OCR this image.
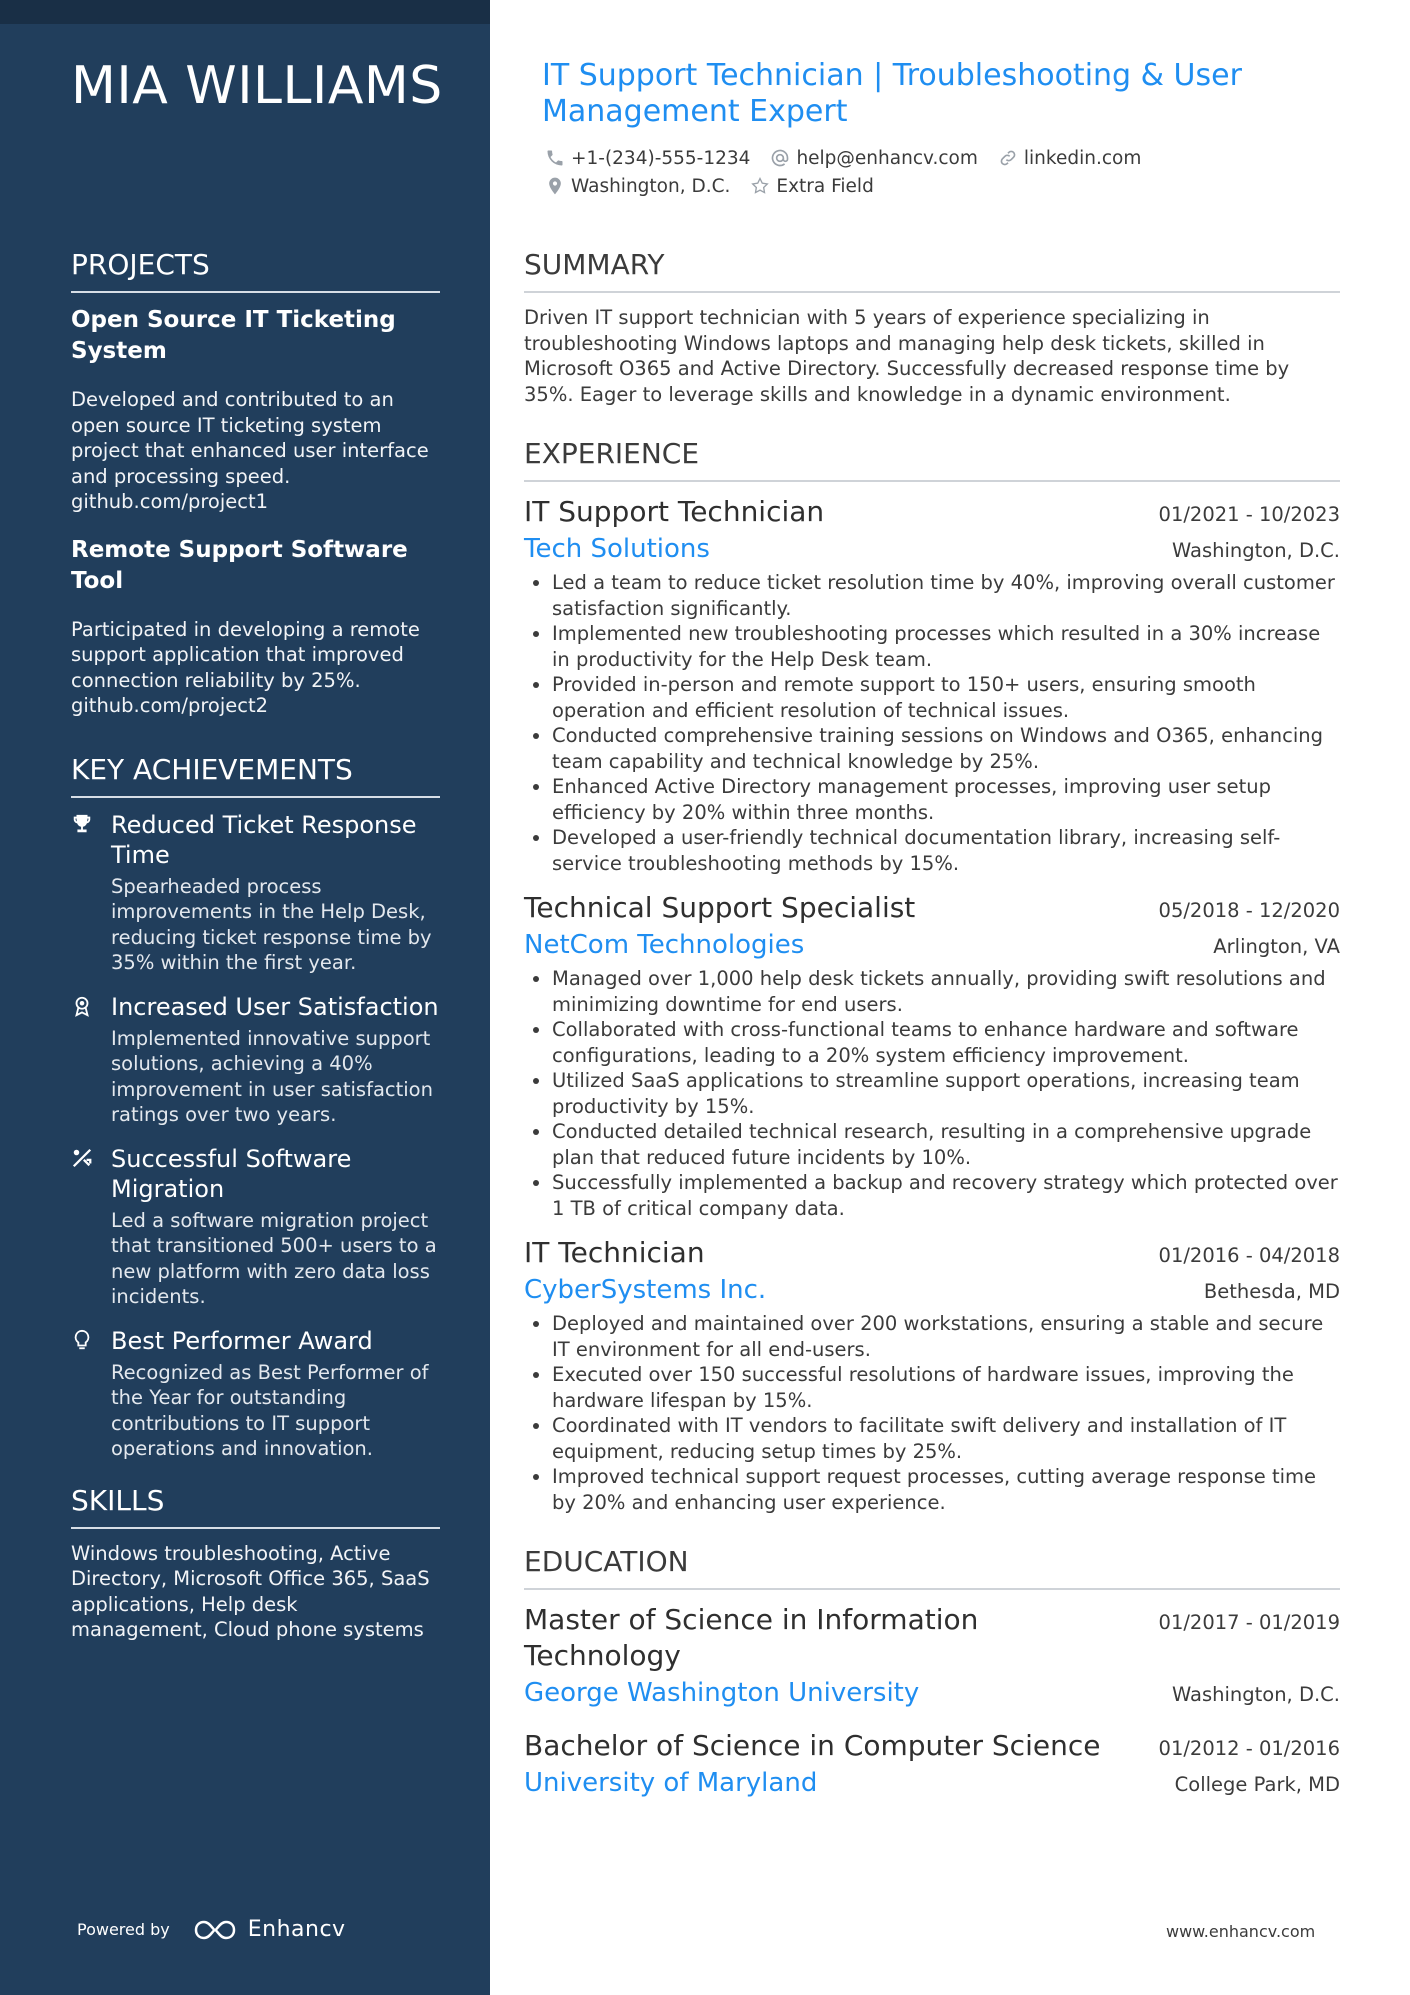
MIA WILLIAMS
PROJECTS
Open Source IT Ticketing System
Developed and contributed to an open source IT ticketing system project that enhanced user interface and processing speed.
github.com/project1
Remote Support Software Tool
Participated in developing a remote support application that improved connection reliability by 25%.
github.com/project2
KEY ACHIEVEMENTS
Reduced Ticket Response Time
Spearheaded process improvements in the Help Desk, reducing ticket response time by 35% within the first year.
Increased User Satisfaction
Implemented innovative support solutions, achieving a 40% improvement in user satisfaction ratings over two years.
Successful Software Migration
Led a software migration project that transitioned 500+ users to a new platform with zero data loss incidents.
Best Performer Award
Recognized as Best Performer of the Year for outstanding contributions to IT support operations and innovation.
SKILLS
Windows troubleshooting, Active Directory, Microsoft Office 365, SaaS applications, Help desk management, Cloud phone systems
Powered by	Enhancv
IT Support Technician | Troubleshooting & User Management Expert
+1-(234)-555-1234 help@enhancv.com linkedin.com
Washington, D.C. Extra Field
SUMMARY
Driven IT support technician with 5 years of experience specializing in troubleshooting Windows laptops and managing help desk tickets, skilled in Microsoft O365 and Active Directory. Successfully decreased response time by 35%. Eager to leverage skills and knowledge in a dynamic environment.
EXPERIENCE
IT Support Technician	01/2021 - 10/2023
Tech Solutions	Washington, D.C.
• Led a team to reduce ticket resolution time by 40%, improving overall customer satisfaction significantly.
• Implemented new troubleshooting processes which resulted in a 30% increase in productivity for the Help Desk team.
• Provided in-person and remote support to 150+ users, ensuring smooth operation and efficient resolution of technical issues.
• Conducted comprehensive training sessions on Windows and O365, enhancing team capability and technical knowledge by 25%.
• Enhanced Active Directory management processes, improving user setup efficiency by 20% within three months.
• Developed a user-friendly technical documentation library, increasing self-service troubleshooting methods by 15%.
Technical Support Specialist	05/2018 - 12/2020
NetCom Technologies	Arlington, VA
• Managed over 1,000 help desk tickets annually, providing swift resolutions and minimizing downtime for end users.
• Collaborated with cross-functional teams to enhance hardware and software configurations, leading to a 20% system efficiency improvement.
• Utilized SaaS applications to streamline support operations, increasing team productivity by 15%.
• Conducted detailed technical research, resulting in a comprehensive upgrade plan that reduced future incidents by 10%.
• Successfully implemented a backup and recovery strategy which protected over 1 TB of critical company data.
IT Technician	01/2016 - 04/2018
CyberSystems Inc.	Bethesda, MD
• Deployed and maintained over 200 workstations, ensuring a stable and secure IT environment for all end-users.
• Executed over 150 successful resolutions of hardware issues, improving the hardware lifespan by 15%.
• Coordinated with IT vendors to facilitate swift delivery and installation of IT equipment, reducing setup times by 25%.
• Improved technical support request processes, cutting average response time by 20% and enhancing user experience.
EDUCATION
Master of Science in Information Technology
01/2017 - 01/2019
George Washington University	Washington, D.C.
Bachelor of Science in Computer Science	01/2012 - 01/2016
University of Maryland	College Park, MD
www.enhancv.com
